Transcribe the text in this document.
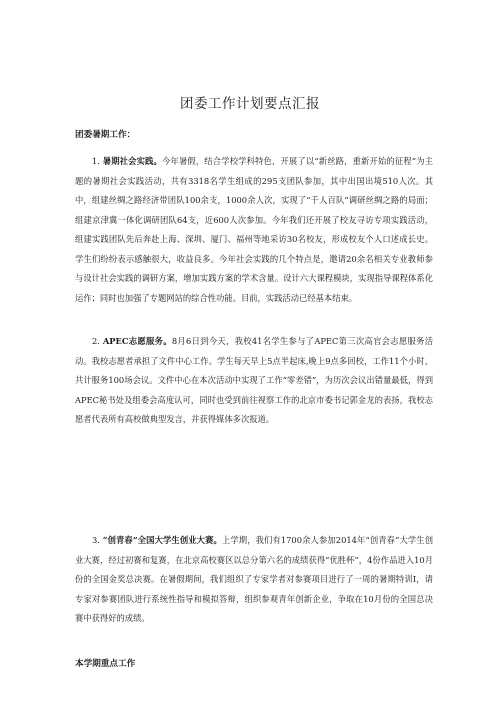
团委工作计划要点汇报
团委暑期工作：
1. 暑期社会实践。今年暑假，结合学校学科特色，开展了以“新丝路，重新开始的征程”为主题的暑期社会实践活动，共有3318名学生组成的295支团队参加，其中出国出境510人次。其中，组建丝绸之路经济带团队100余支，1000余人次，实现了“千人百队”调研丝绸之路的局面；组建京津冀一体化调研团队64支，近600人次参加。今年我们还开展了校友寻访专项实践活动，组建实践团队先后奔赴上海、深圳、厦门、福州等地采访30名校友，形成校友个人口述成长史。学生们纷纷表示感触很大，收益良多。今年社会实践的几个特点是，邀请20余名相关专业教师参与设计社会实践的调研方案，增加实践方案的学术含量。设计六大课程模块，实现指导课程体系化运作；同时也加强了专题网站的综合性功能。目前，实践活动已经基本结束。
2. APEC志愿服务。8月6日到今天，我校41名学生参与了APEC第三次高官会志愿服务活动。我校志愿者承担了文件中心工作。学生每天早上5点半起床,晚上9点多回校，工作11个小时，共计服务100场会议。文件中心在本次活动中实现了工作“零差错”，为历次会议出错量最低，得到APEC秘书处及组委会高度认可，同时也受到前往视察工作的北京市委书记郭金龙的表扬，我校志愿者代表所有高校做典型发言，并获得媒体多次报道。
3. “创青春”全国大学生创业大赛。上学期，我们有1700余人参加2014年“创青春”大学生创业大赛，经过初赛和复赛，在北京高校赛区以总分第六名的成绩获得“优胜杯”，4份作品进入10月份的全国金奖总决赛。在暑假期间，我们组织了专家学者对参赛项目进行了一周的暑期特训I，请专家对参赛团队进行系统性指导和模拟答辩，组织参观青年创新企业，争取在10月份的全国总决赛中获得好的成绩。
本学期重点工作
